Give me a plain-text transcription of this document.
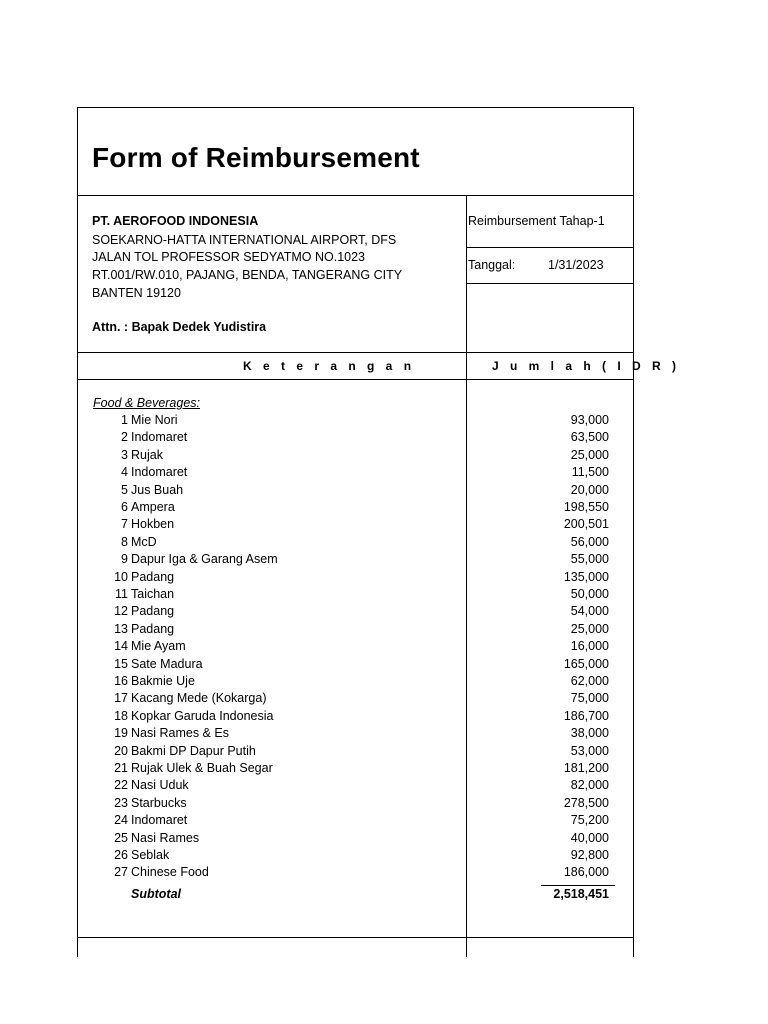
Form of Reimbursement
PT. AEROFOOD INDONESIA
SOEKARNO-HATTA INTERNATIONAL AIRPORT, DFS
JALAN TOL PROFESSOR SEDYATMO NO.1023
RT.001/RW.010, PAJANG, BENDA, TANGERANG CITY
BANTEN 19120
Attn. : Bapak Dedek Yudistira
Reimbursement Tahap-1
Tanggal:	1/31/2023
K e t e r a n g a n	J u m l a h ( I D R )
Food & Beverages:
1 Mie Nori	93,000
2 Indomaret	63,500
3 Rujak	25,000
4 Indomaret	11,500
5 Jus Buah	20,000
6 Ampera	198,550
7 Hokben	200,501
8 McD	56,000
9 Dapur Iga & Garang Asem	55,000
10 Padang	135,000
11 Taichan	50,000
12 Padang	54,000
13 Padang	25,000
14 Mie Ayam	16,000
15 Sate Madura	165,000
16 Bakmie Uje	62,000
17 Kacang Mede (Kokarga)	75,000
18 Kopkar Garuda Indonesia	186,700
19 Nasi Rames & Es	38,000
20 Bakmi DP Dapur Putih	53,000
21 Rujak Ulek & Buah Segar	181,200
22 Nasi Uduk	82,000
23 Starbucks	278,500
24 Indomaret	75,200
25 Nasi Rames	40,000
26 Seblak	92,800
27 Chinese Food	186,000
Subtotal	2,518,451
